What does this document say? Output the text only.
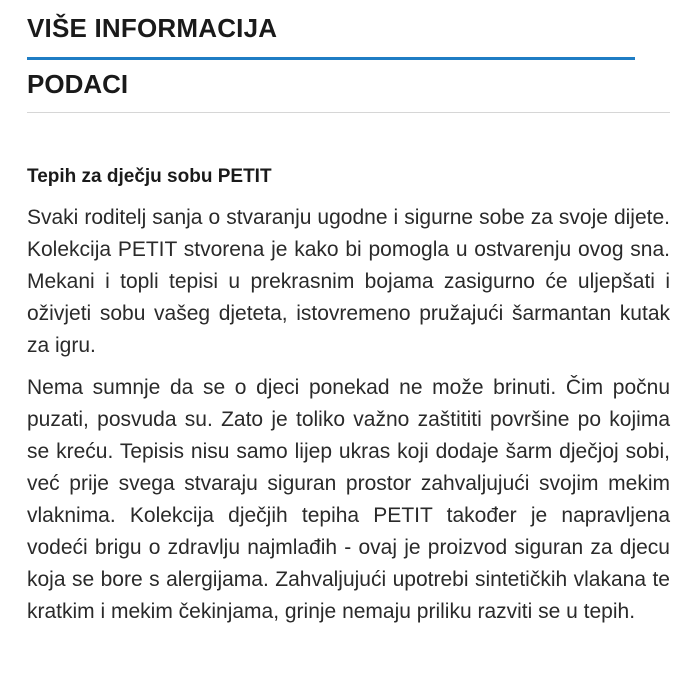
VIŠE INFORMACIJA
PODACI
Tepih za dječju sobu PETIT

Svaki roditelj sanja o stvaranju ugodne i sigurne sobe za svoje dijete. Kolekcija PETIT stvorena je kako bi pomogla u ostvarenju ovog sna. Mekani i topli tepisi u prekrasnim bojama zasigurno će uljepšati i oživjeti sobu vašeg djeteta, istovremeno pružajući šarmantan kutak za igru.

Nema sumnje da se o djeci ponekad ne može brinuti. Čim počnu puzati, posvuda su. Zato je toliko važno zaštititi površine po kojima se kreću. Tepisis nisu samo lijep ukras koji dodaje šarm dječjoj sobi, već prije svega stvaraju siguran prostor zahvaljujući svojim mekim vlaknima. Kolekcija dječjih tepiha PETIT također je napravljena vodeći brigu o zdravlju najmlađih - ovaj je proizvod siguran za djecu koja se bore s alergijama. Zahvaljujući upotrebi sintetičkih vlakana te kratkim i mekim čekinjama, grinje nemaju priliku razviti se u tepih.
